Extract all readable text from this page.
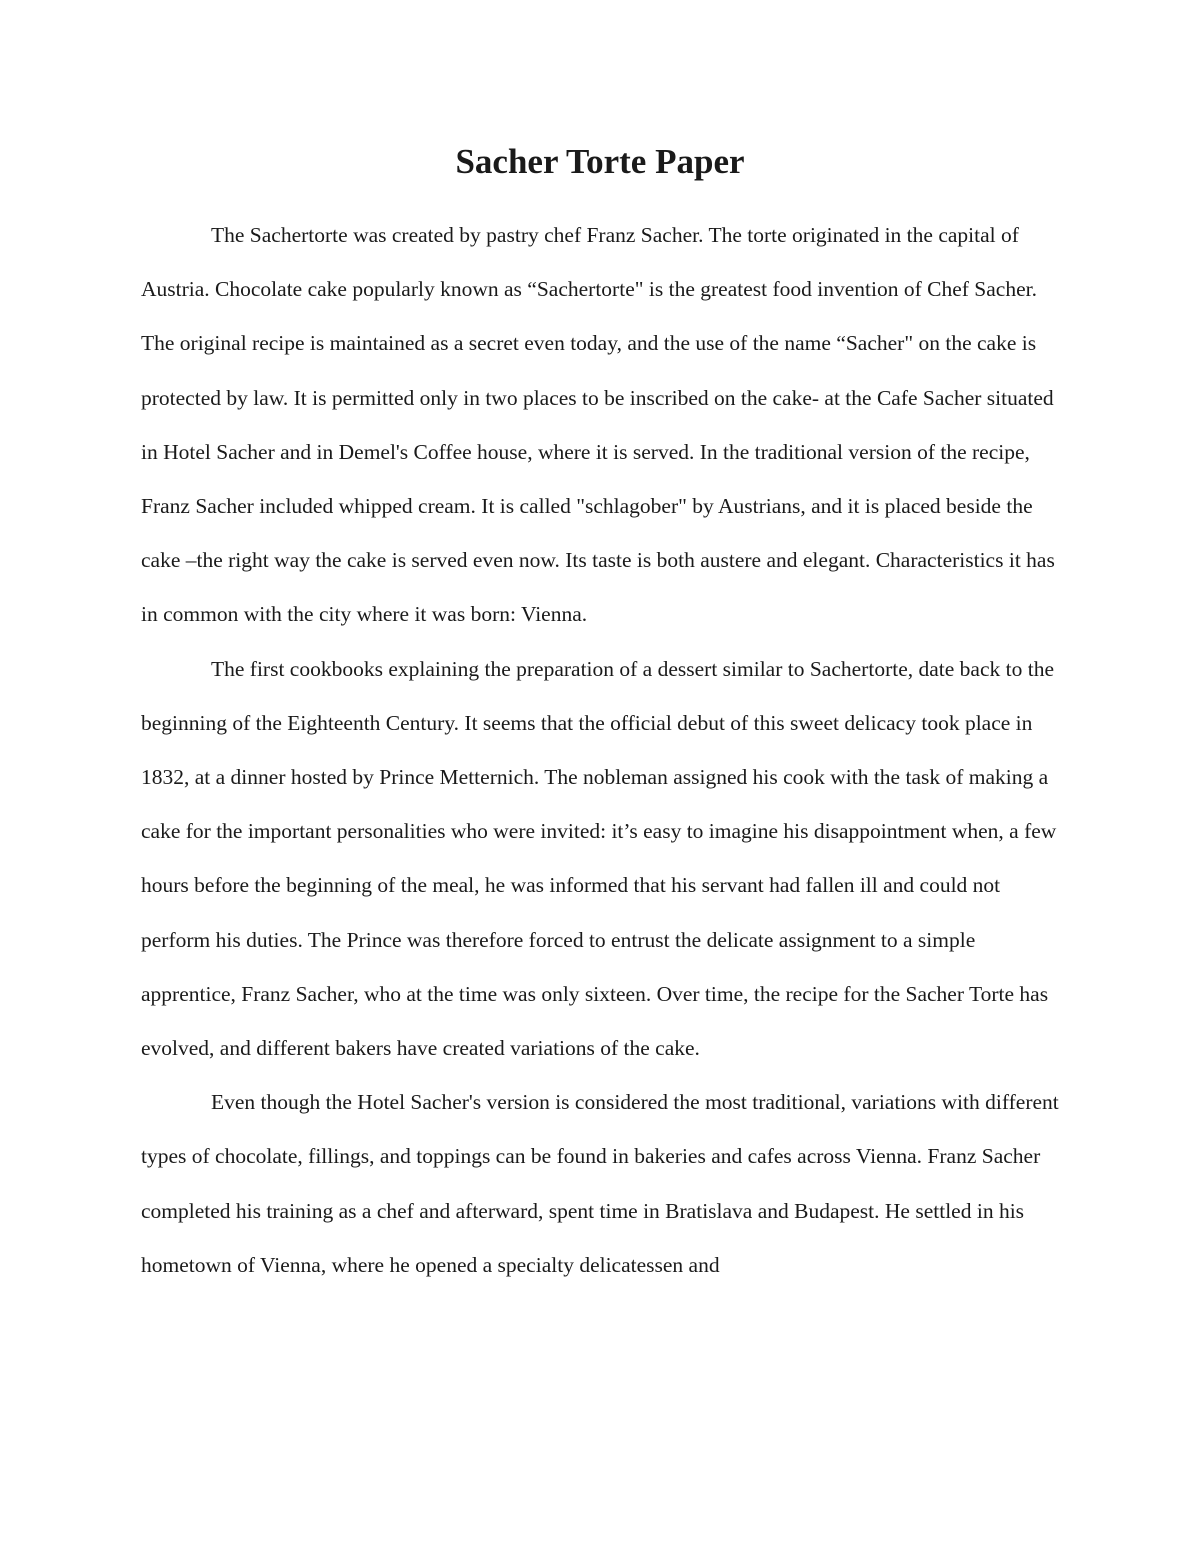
Sacher Torte Paper

The Sachertorte was created by pastry chef Franz Sacher. The torte originated in the capital of Austria. Chocolate cake popularly known as “Sachertorte" is the greatest food invention of Chef Sacher. The original recipe is maintained as a secret even today, and the use of the name “Sacher" on the cake is protected by law. It is permitted only in two places to be inscribed on the cake- at the Cafe Sacher situated in Hotel Sacher and in Demel's Coffee house, where it is served. In the traditional version of the recipe, Franz Sacher included whipped cream. It is called "schlagober" by Austrians, and it is placed beside the cake –the right way the cake is served even now. Its taste is both austere and elegant. Characteristics it has in common with the city where it was born: Vienna.

The first cookbooks explaining the preparation of a dessert similar to Sachertorte, date back to the beginning of the Eighteenth Century. It seems that the official debut of this sweet delicacy took place in 1832, at a dinner hosted by Prince Metternich. The nobleman assigned his cook with the task of making a cake for the important personalities who were invited: it’s easy to imagine his disappointment when, a few hours before the beginning of the meal, he was informed that his servant had fallen ill and could not perform his duties. The Prince was therefore forced to entrust the delicate assignment to a simple apprentice, Franz Sacher, who at the time was only sixteen. Over time, the recipe for the Sacher Torte has evolved, and different bakers have created variations of the cake.

Even though the Hotel Sacher's version is considered the most traditional, variations with different types of chocolate, fillings, and toppings can be found in bakeries and cafes across Vienna. Franz Sacher completed his training as a chef and afterward, spent time in Bratislava and Budapest. He settled in his hometown of Vienna, where he opened a specialty delicatessen and
